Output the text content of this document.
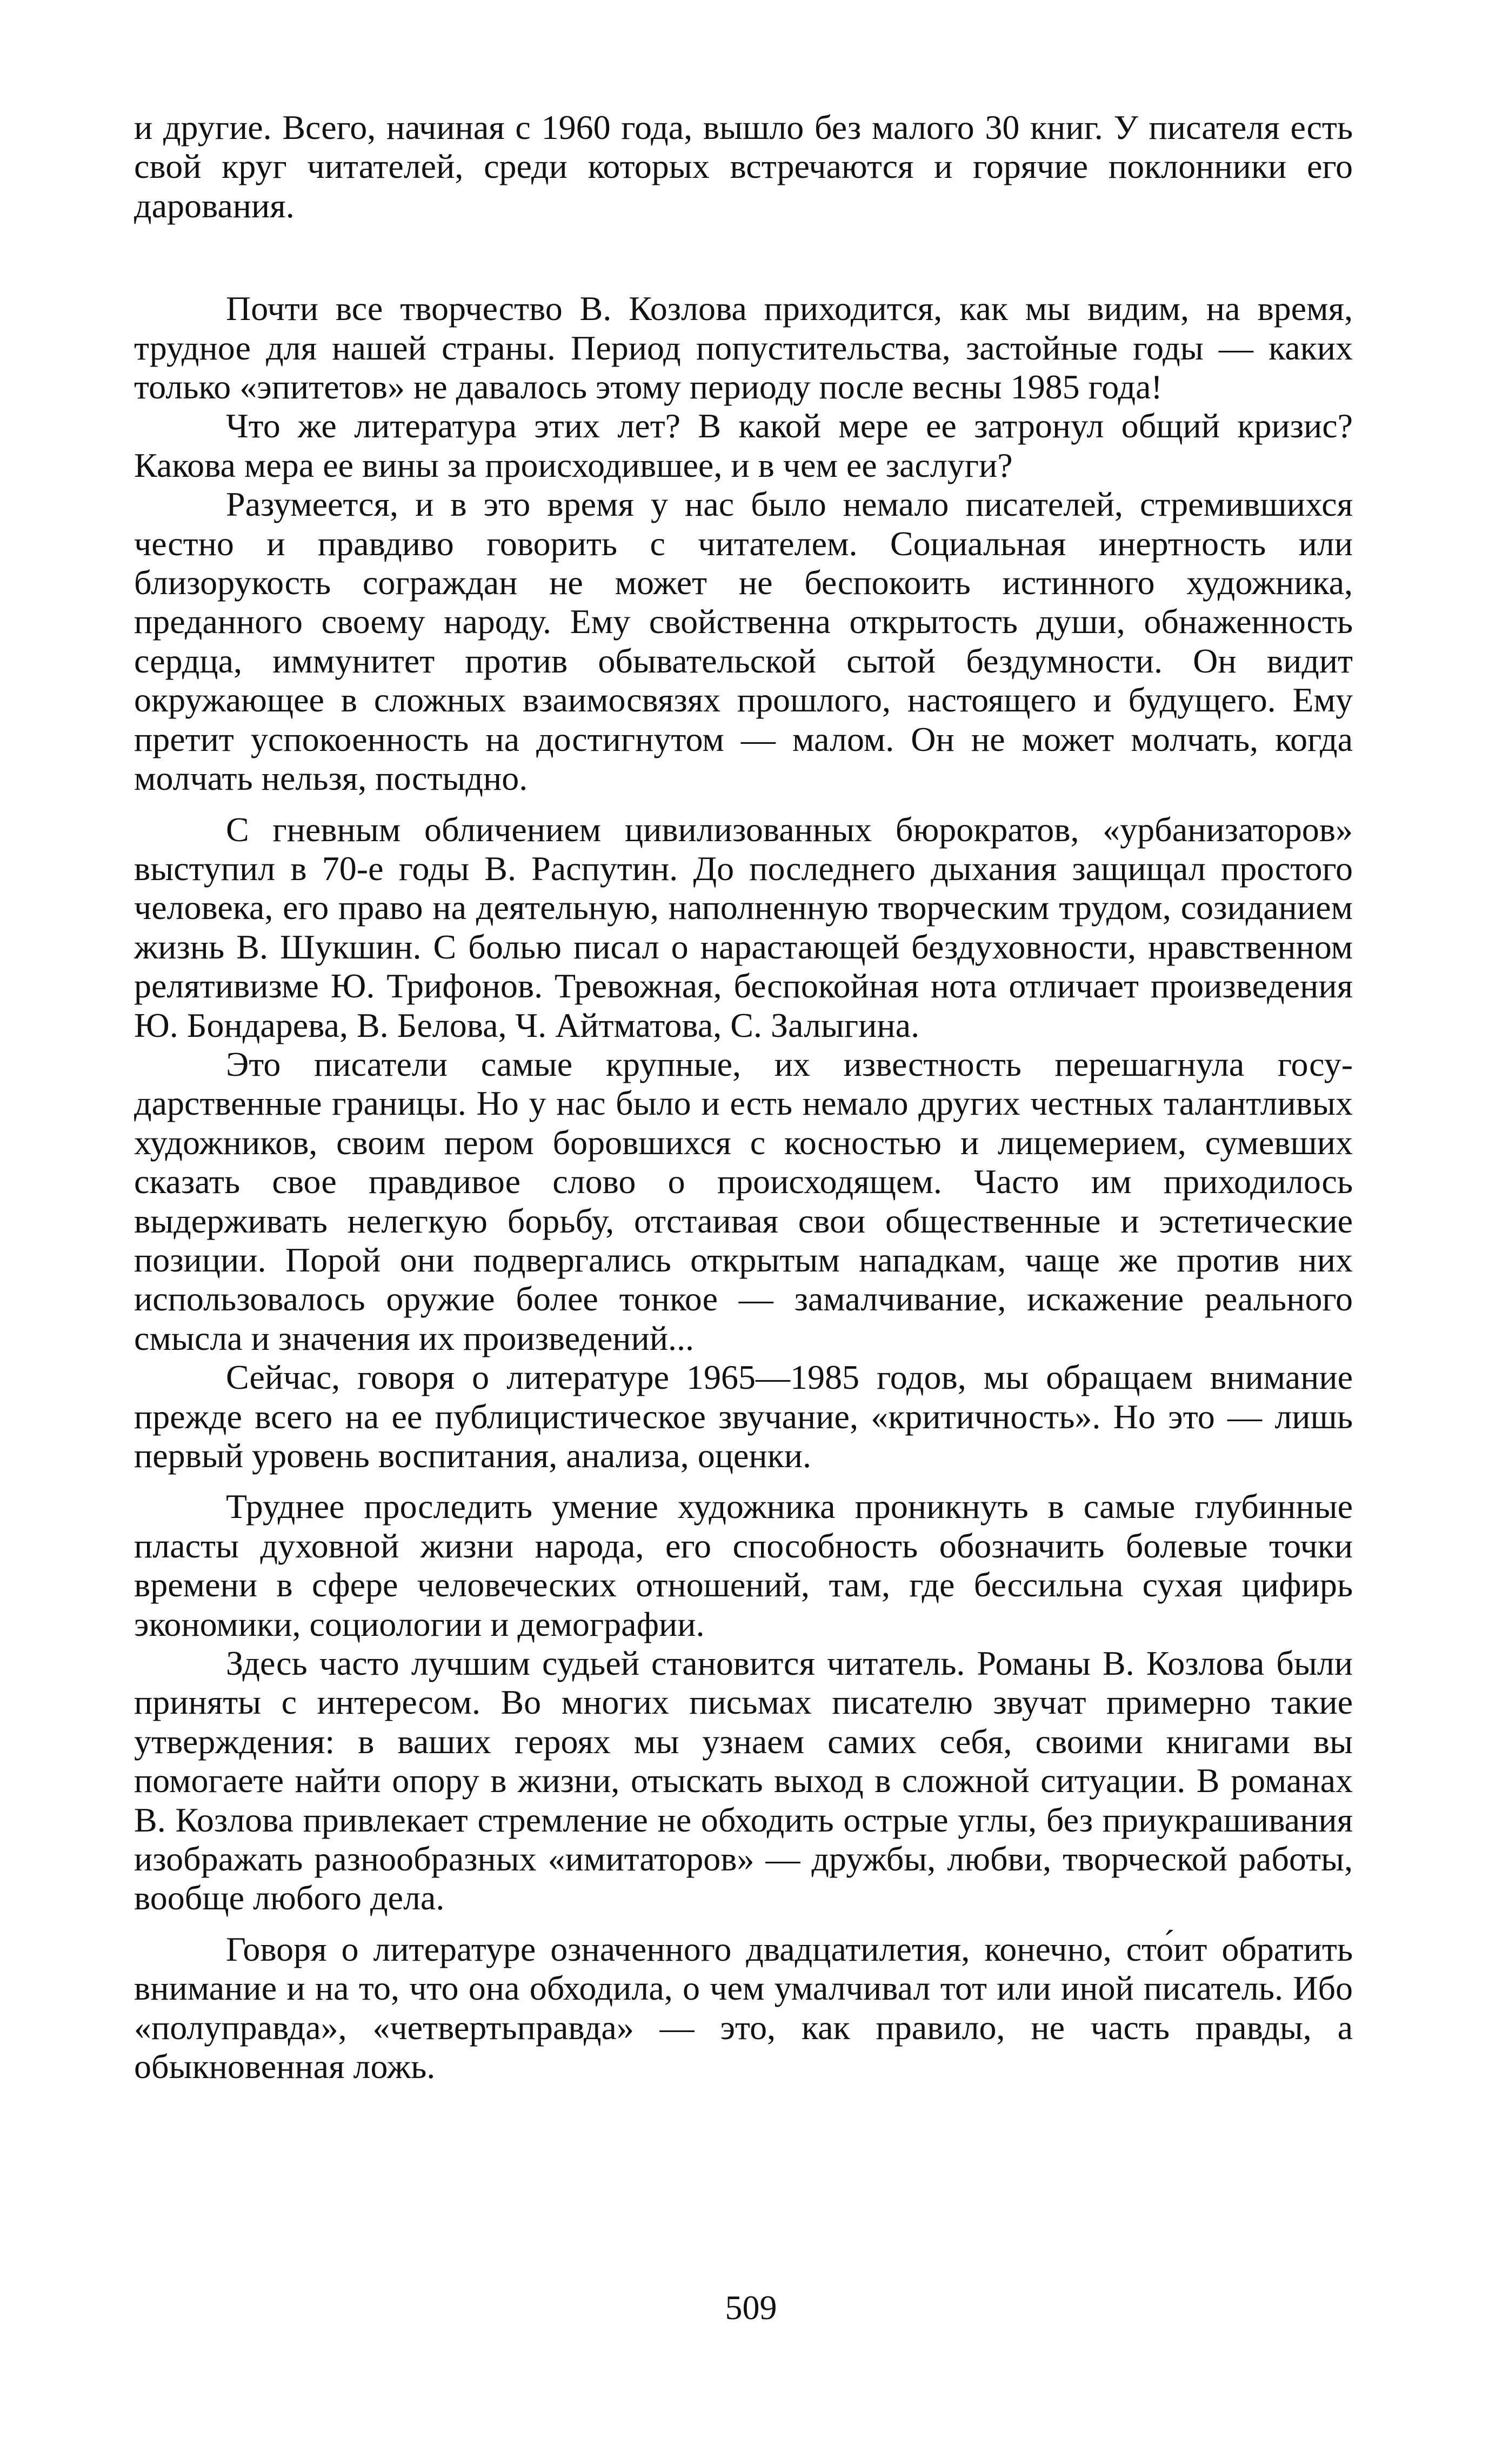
и другие. Всего, начиная с 1960 года, вышло без малого 30 книг. У писателя есть свой круг читателей, среди которых встречаются и горячие поклонники его дарования.

Почти все творчество В. Козлова приходится, как мы видим, на время, трудное для нашей страны. Период попустительства, застойные годы — каких только «эпитетов» не давалось этому периоду после весны 1985 года!

Что же литература этих лет? В какой мере ее затронул общий кризис? Какова мера ее вины за происходившее, и в чем ее заслуги?

Разумеется, и в это время у нас было немало писателей, стремившихся честно и правдиво говорить с читателем. Социальная инертность или близорукость сограждан не может не беспокоить истинного художника, преданного своему народу. Ему свойственна открытость души, обнаженность сердца, иммунитет против обывательской сытой бездумности. Он видит окружающее в сложных взаимосвязях прошлого, настоящего и будущего. Ему претит успокоенность на достигнутом — малом. Он не может молчать, когда молчать нельзя, постыдно.

С гневным обличением цивилизованных бюрократов, «урбанизаторов» выступил в 70-е годы В. Распутин. До последнего дыхания защищал простого человека, его право на деятельную, наполненную творческим трудом, созиданием жизнь В. Шукшин. С болью писал о нарастающей бездуховности, нравственном релятивизме Ю. Трифонов. Тревожная, беспокойная нота отличает произведения Ю. Бондарева, В. Белова, Ч. Айтматова, С. Залыгина.

Это писатели самые крупные, их известность перешагнула государственные границы. Но у нас было и есть немало других честных талантливых художников, своим пером боровшихся с косностью и лицемерием, сумевших сказать свое правдивое слово о происходящем. Часто им приходилось выдерживать нелегкую борьбу, отстаивая свои общественные и эстетические позиции. Порой они подвергались открытым нападкам, чаще же против них использовалось оружие более тонкое — замалчивание, искажение реального смысла и значения их произведений...

Сейчас, говоря о литературе 1965—1985 годов, мы обращаем внимание прежде всего на ее публицистическое звучание, «критичность». Но это — лишь первый уровень воспитания, анализа, оценки.

Труднее проследить умение художника проникнуть в самые глубинные пласты духовной жизни народа, его способность обозначить болевые точки времени в сфере человеческих отношений, там, где бессильна сухая цифирь экономики, социологии и демографии.

Здесь часто лучшим судьей становится читатель. Романы В. Козлова были приняты с интересом. Во многих письмах писателю звучат примерно такие утверждения: в ваших героях мы узнаем самих себя, своими книгами вы помогаете найти опору в жизни, отыскать выход в сложной ситуации. В романах В. Козлова привлекает стремление не обходить острые углы, без приукрашивания изображать разнообразных «имитаторов» — дружбы, любви, творческой работы, вообще любого дела.

Говоря о литературе означенного двадцатилетия, конечно, сто́ит обратить внимание и на то, что она обходила, о чем умалчивал тот или иной писатель. Ибо «полуправда», «четвертьправда» — это, как правило, не часть правды, а обыкновенная ложь.

509
